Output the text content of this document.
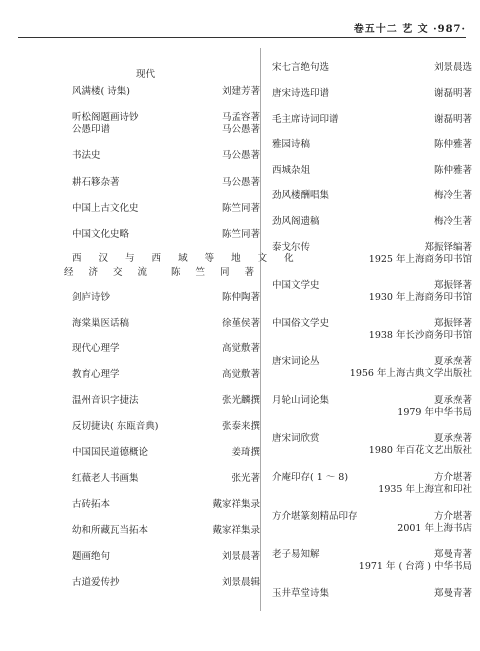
卷五十二 艺 文 ·987·
现代
风满楼( 诗集)	刘建芳著
听松阁题画诗钞	马孟容著
公愚印谱	马公愚著
书法史	马公愚著
耕石簃杂著	马公愚著
中国上古文化史	陈竺同著
中国文化史略	陈竺同著
西 汉 与 西 域 等 地 文 化
经 济 交 流 陈 竺 同 著
剑庐诗钞	陈仲陶著
海棠巢医话稿	徐堇侯著
现代心理学	高觉敷著
教育心理学	高觉敷著
温州音识字捷法	张光麟撰
反切捷诀( 东瓯音典)	张泰来撰
中国国民道德概论	姜琦撰
红薇老人书画集	张光著
古砖拓本	戴家祥集录
幼和所藏瓦当拓本	戴家祥集录
题画绝句	刘景晨著
古道爱传抄	刘景晨辑
宋七言绝句选	刘景晨选
唐宋诗选印谱	谢磊明著
毛主席诗词印谱	谢磊明著
雅园诗稿	陈仲雅著
西城杂俎	陈仲雅著
劲风楼酬唱集	梅冷生著
劲风阁遗稿	梅冷生著
泰戈尔传	郑振铎编著
1925 年上海商务印书馆
中国文学史	郑振铎著
1930 年上海商务印书馆
中国俗文学史	郑振铎著
1938 年长沙商务印书馆
唐宋词论丛	夏承焘著
1956 年上海古典文学出版社
月轮山词论集	夏承焘著
1979 年中华书局
唐宋词欣赏	夏承焘著
1980 年百花文艺出版社
介庵印存( 1 ～ 8)	方介堪著
1935 年上海宣和印社
方介堪篆刻精品印存	方介堪著
2001 年上海书店
老子易知解	郑曼青著
1971 年 ( 台湾 ) 中华书局
玉井草堂诗集	郑曼青著
